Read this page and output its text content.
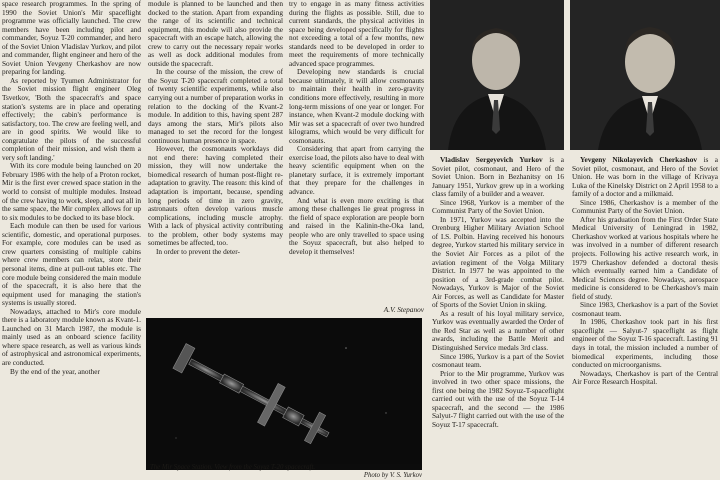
space research programmes. In the spring of 1990 the Soviet Union's Mir spaceflight programme was officially launched. The crew members have been including pilot and commander, Soyuz T-20 commander, and hero of the Soviet Union Vladislav Yurkov, and pilot and commander, flight engineer and hero of the Soviet Union Yevgeny Cherkashov are now preparing for landing.

As reported by Tyumen Administrator for the Soviet mission flight engineer Oleg Tsvetkov, 'Both the spacecraft's and space station's systems are in place and operating effectively; the cabin's performance is satisfactory, too. The crew are feeling well, and are in good spirits. We would like to congratulate the pilots of the successful completion of their mission, and wish them a very soft landing.'

With its core module being launched on 20 February 1986 with the help of a Proton rocket, Mir is the first ever crewed space station in the world to consist of multiple modules. Instead of the crew having to work, sleep, and eat all in the same space, the Mir complex allows for up to six modules to be docked to its base block.

Each module can then be used for various scientific, domestic, and operational purposes. For example, core modules can be used as crew quarters consisting of multiple cabins where crew members can relax, store their personal items, dine at pull-out tables etc. The core module being considered the main module of the spacecraft, it is also here that the equipment used for managing the station's systems is usually stored.

Nowadays, attached to Mir's core module there is a laboratory module known as Kvant-1. Launched on 31 March 1987, the module is mainly used as an onboard science facility where space research, as well as various kinds of astrophysical and astronomical experiments, are conducted.

By the end of the year, another

module is planned to be launched and then docked to the station. Apart from expanding the range of its scientific and technical equipment, this module will also provide the spacecraft with an escape hatch, allowing the crew to carry out the necessary repair works as well as dock additional modules from outside the spacecraft.

In the course of the mission, the crew of the Soyuz T-20 spacecraft completed a total of twenty scientific experiments, while also carrying out a number of preparation works in relation to the docking of the Kvant-2 module. In addition to this, having spent 287 days among the stars, Mir's pilots also managed to set the record for the longest continuous human presence in space.

However, the cosmonauts workdays did not end there: having completed their mission, they will now undertake the biomedical research of human post-flight re-adaptation to gravity. The reason: this kind of adaptation is important, because, spending long periods of time in zero gravity, astronauts often develop various muscle complications, including muscle atrophy. With a lack of physical activity contributing to the problem, other body systems may sometimes be affected, too.

In order to prevent the deter-

try to engage in as many fitness activities during the flights as possible. Still, due to current standards, the physical activities in space being developed specifically for flights not exceeding a total of a few months, new standards need to be developed in order to meet the requirements of more technically advanced space programmes.

Developing new standards is crucial because ultimately, it will allow cosmonauts to maintain their health in zero-gravity conditions more effectively, resulting in more long-term missions of one year or longer. For instance, when Kvant-2 module docking with Mir was set a spacecraft of over two hundred kilograms, which would be very difficult for cosmonauts.

Considering that apart from carrying the exercise load, the pilots also have to deal with heavy scientific equipment when on the planetary surface, it is extremely important that they prepare for the challenges in advance.

And what is even more exciting is that among these challenges lie great progress in the field of space exploration are people born and raised in the Kalinin-the-Oka land, people who are only travelled to space using the Soyuz spacecraft, but also helped to develop it themselves!

A.V. Stepanov
The Mir Space Station. View from the Soyuz T-20 spacecraft.
Photo by V. S. Yurkov

Vladislav Sergeyevich Yurkov is a Soviet pilot, cosmonaut, and Hero of the Soviet Union. Born in Bezhanitsy on 16 January 1951, Yurkov grew up in a working class family of a builder and a weaver.

Since 1968, Yurkov is a member of the Communist Party of the Soviet Union.

In 1971, Yurkov was accepted into the Orenburg Higher Military Aviation School of I.S. Polbin. Having received his honours degree, Yurkov started his military service in the Soviet Air Forces as a pilot of the aviation regiment of the Volga Military District. In 1977 he was appointed to the position of a 3rd-grade combat pilot. Nowadays, Yurkov is Major of the Soviet Air Forces, as well as Candidate for Master of Sports of the Soviet Union in skiing.

As a result of his loyal military service, Yurkov was eventually awarded the Order of the Red Star as well as a number of other awards, including the Battle Merit and Distinguished Service medals 3rd class.

Since 1986, Yurkov is a part of the Soviet cosmonaut team.

Prior to the Mir programme, Yurkov was involved in two other space missions, the first one being the 1982 Soyuz-T-spaceflight carried out with the use of the Soyuz T-14 spacecraft, and the second — the 1986 Salyut-7 flight carried out with the use of the Soyuz T-17 spacecraft.

Yevgeny Nikolayevich Cherkashov is a Soviet pilot, cosmonaut, and Hero of the Soviet Union. He was born in the village of Krivaya Luka of the Kinelsky District on 2 April 1958 to a family of a doctor and a milkmaid.

Since 1986, Cherkashov is a member of the Communist Party of the Soviet Union.

After his graduation from the First Order State Medical University of Leningrad in 1982, Cherkashov worked at various hospitals where he was involved in a number of different research projects. Following his active research work, in 1979 Cherkashov defended a doctoral thesis which eventually earned him a Candidate of Medical Sciences degree. Nowadays, aerospace medicine is considered to be Cherkashov's main field of study.

Since 1983, Cherkashov is a part of the Soviet cosmonaut team.

In 1986, Cherkashov took part in his first spaceflight — Salyut-7 spaceflight as flight engineer of the Soyuz T-16 spacecraft. Lasting 91 days in total, the mission included a number of biomedical experiments, including those conducted on microorganisms.

Nowadays, Cherkashov is part of the Central Air Force Research Hospital.
